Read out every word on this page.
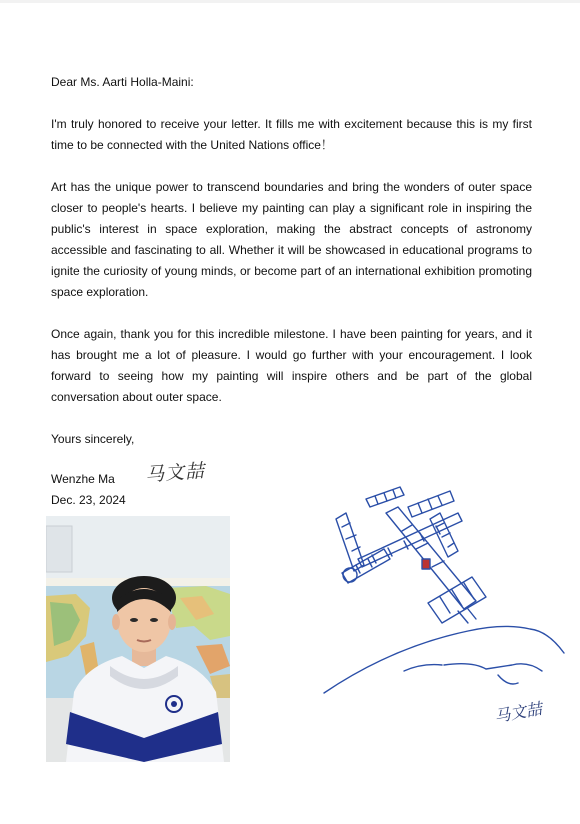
Dear Ms. Aarti Holla-Maini:

I'm truly honored to receive your letter. It fills me with excitement because this is my first time to be connected with the United Nations office！

Art has the unique power to transcend boundaries and bring the wonders of outer space closer to people's hearts. I believe my painting can play a significant role in inspiring the public's interest in space exploration, making the abstract concepts of astronomy accessible and fascinating to all. Whether it will be showcased in educational programs to ignite the curiosity of young minds, or become part of an international exhibition promoting space exploration.

Once again, thank you for this incredible milestone. I have been painting for years, and it has brought me a lot of pleasure. I would go further with your encouragement. I look forward to seeing how my painting will inspire others and be part of the global conversation about outer space.

Yours sincerely,

Wenzhe Ma 马文喆
Dec. 23, 2024
马文喆
